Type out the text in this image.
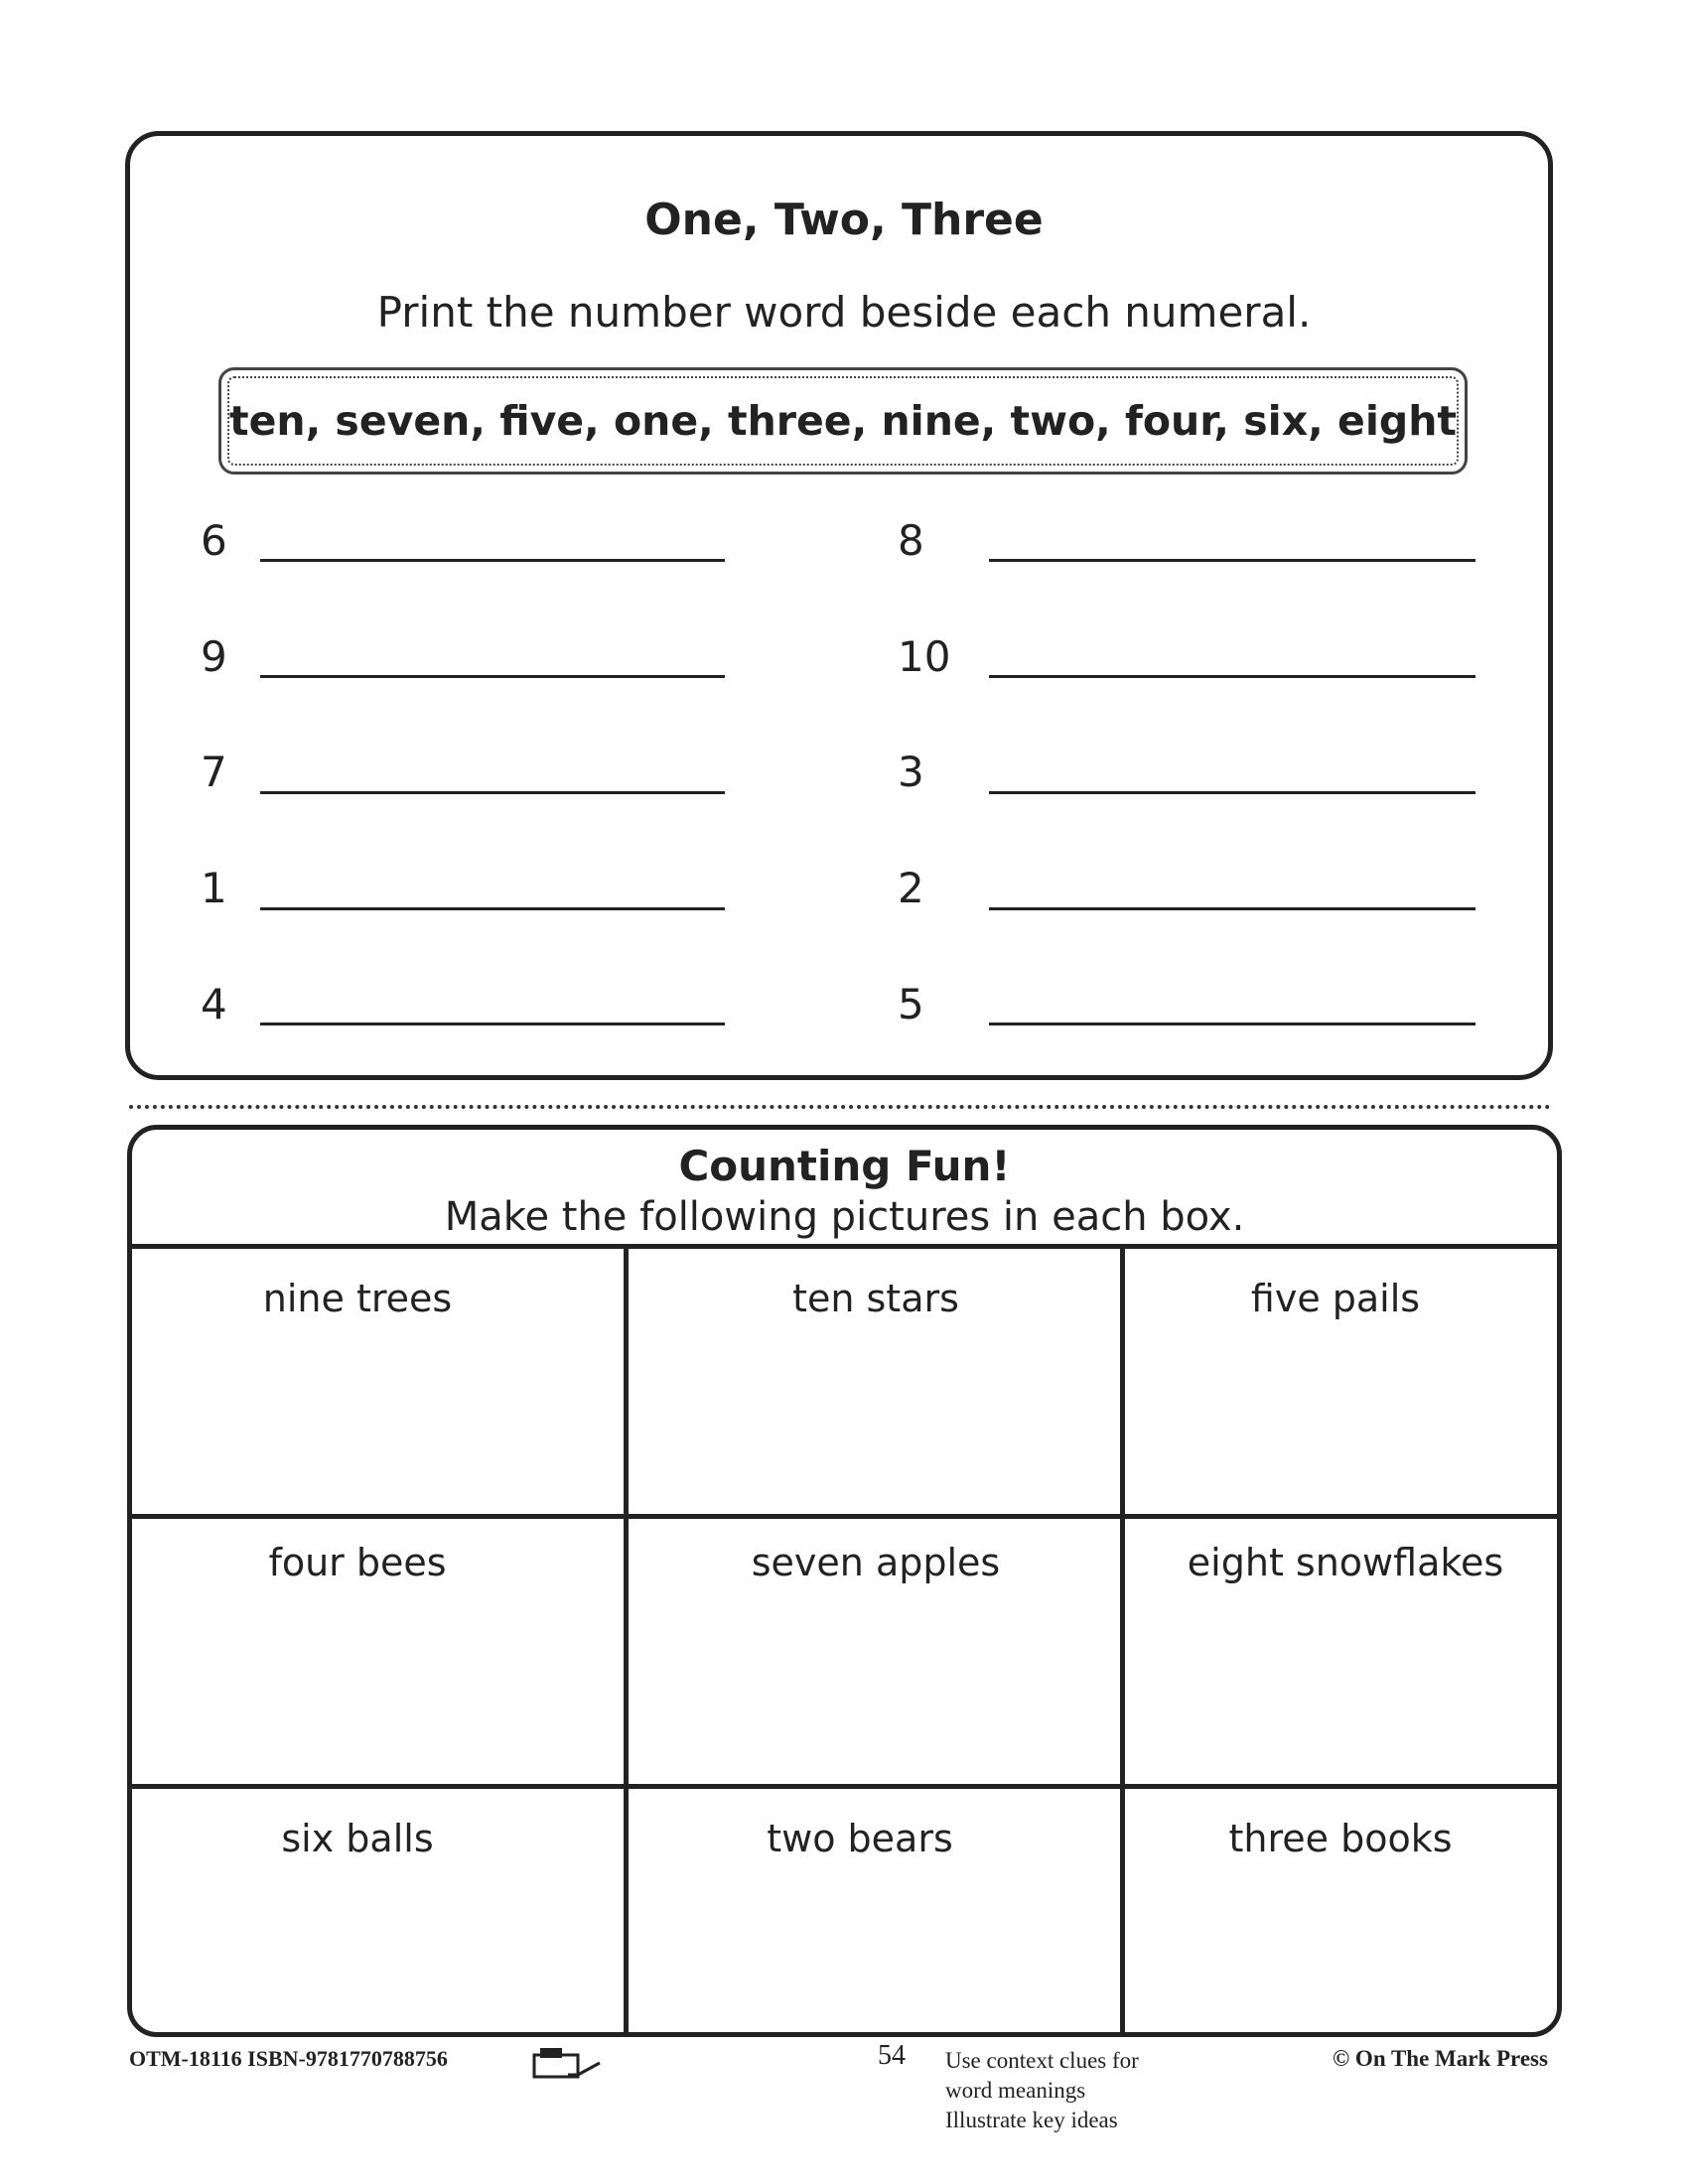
One, Two, Three
Print the number word beside each numeral.
ten, seven, five, one, three, nine, two, four, six, eight
6
9
7
1
4
8
10
3
2
5
Counting Fun!
Make the following pictures in each box.
nine trees	ten stars	five pails
four bees	seven apples	eight snowflakes
six balls	two bears	three books
OTM-18116 ISBN-9781770788756	54 Use context clues for
word meanings
Illustrate key ideas
© On The Mark Press
